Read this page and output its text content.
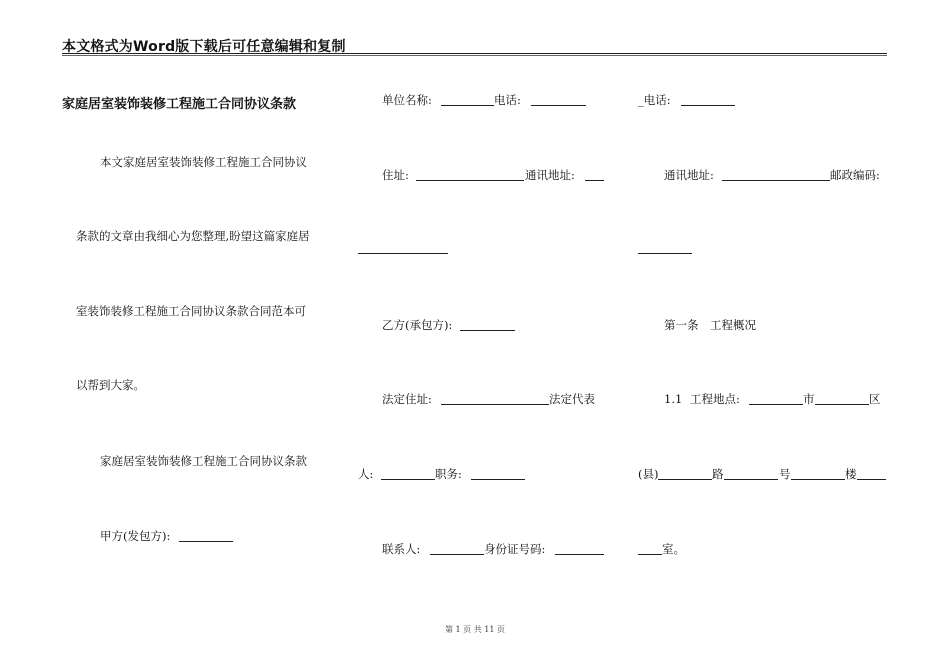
本文格式为Word版下载后可任意编辑和复制
家庭居室装饰装修工程施工合同协议条款
本文家庭居室装饰装修工程施工合同协议
条款的文章由我细心为您整理,盼望这篇家庭居
室装饰装修工程施工合同协议条款合同范本可
以帮到大家。
家庭居室装饰装修工程施工合同协议条款
甲方(发包方):
单位名称:	电话:
住址:	通讯地址:
乙方(承包方):
法定住址:	法定代表
人:	职务:
联系人:	身份证号码:
_电话:
通讯地址:	邮政编码:
第一条　工程概况
1.1 工程地点:	市	区
(县)	路	号	楼
室。
第 1 页 共 11 页
